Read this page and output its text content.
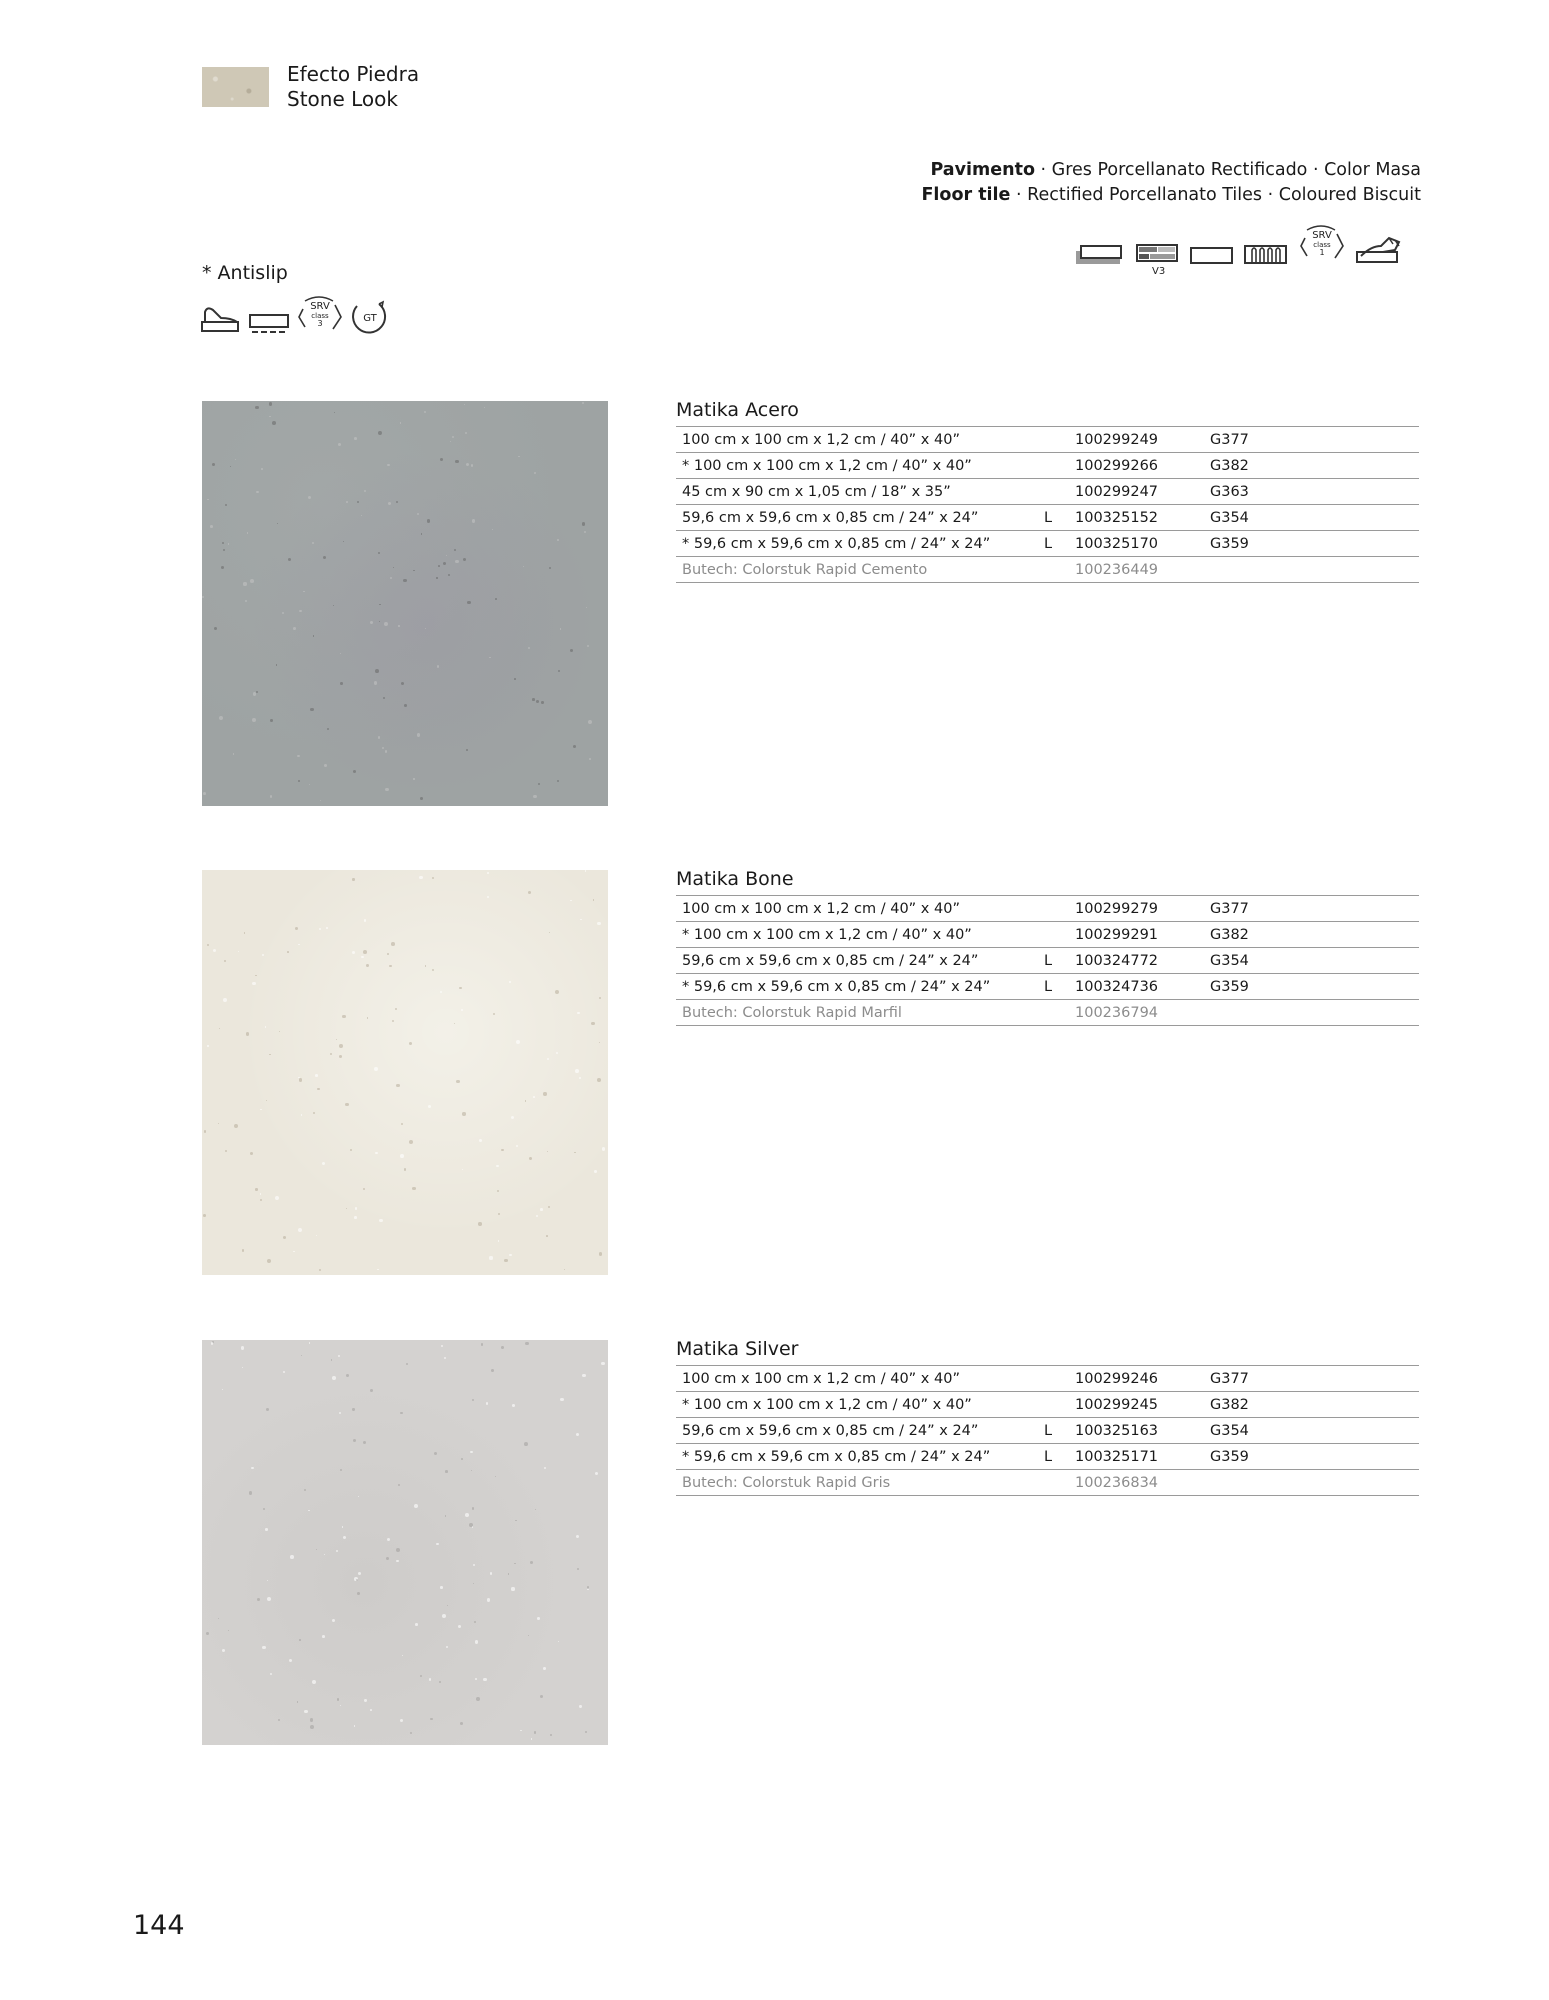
Efecto Piedra
Stone Look
Pavimento · Gres Porcellanato Rectificado · Color Masa
Floor tile · Rectified Porcellanato Tiles · Coloured Biscuit
V3
SRV
class
1
* Antislip
SRV
class
3	GT
Matika Acero
100 cm x 100 cm x 1,2 cm / 40” x 40”		100299249	G377
* 100 cm x 100 cm x 1,2 cm / 40” x 40”		100299266	G382
45 cm x 90 cm x 1,05 cm / 18” x 35”		100299247	G363
59,6 cm x 59,6 cm x 0,85 cm / 24” x 24”	L	100325152	G354
* 59,6 cm x 59,6 cm x 0,85 cm / 24” x 24”	L	100325170	G359
Butech: Colorstuk Rapid Cemento		100236449	
Matika Bone
100 cm x 100 cm x 1,2 cm / 40” x 40”		100299279	G377
* 100 cm x 100 cm x 1,2 cm / 40” x 40”		100299291	G382
59,6 cm x 59,6 cm x 0,85 cm / 24” x 24”	L	100324772	G354
* 59,6 cm x 59,6 cm x 0,85 cm / 24” x 24”	L	100324736	G359
Butech: Colorstuk Rapid Marfil		100236794	
Matika Silver
100 cm x 100 cm x 1,2 cm / 40” x 40”		100299246	G377
* 100 cm x 100 cm x 1,2 cm / 40” x 40”		100299245	G382
59,6 cm x 59,6 cm x 0,85 cm / 24” x 24”	L	100325163	G354
* 59,6 cm x 59,6 cm x 0,85 cm / 24” x 24”	L	100325171	G359
Butech: Colorstuk Rapid Gris		100236834	
144
